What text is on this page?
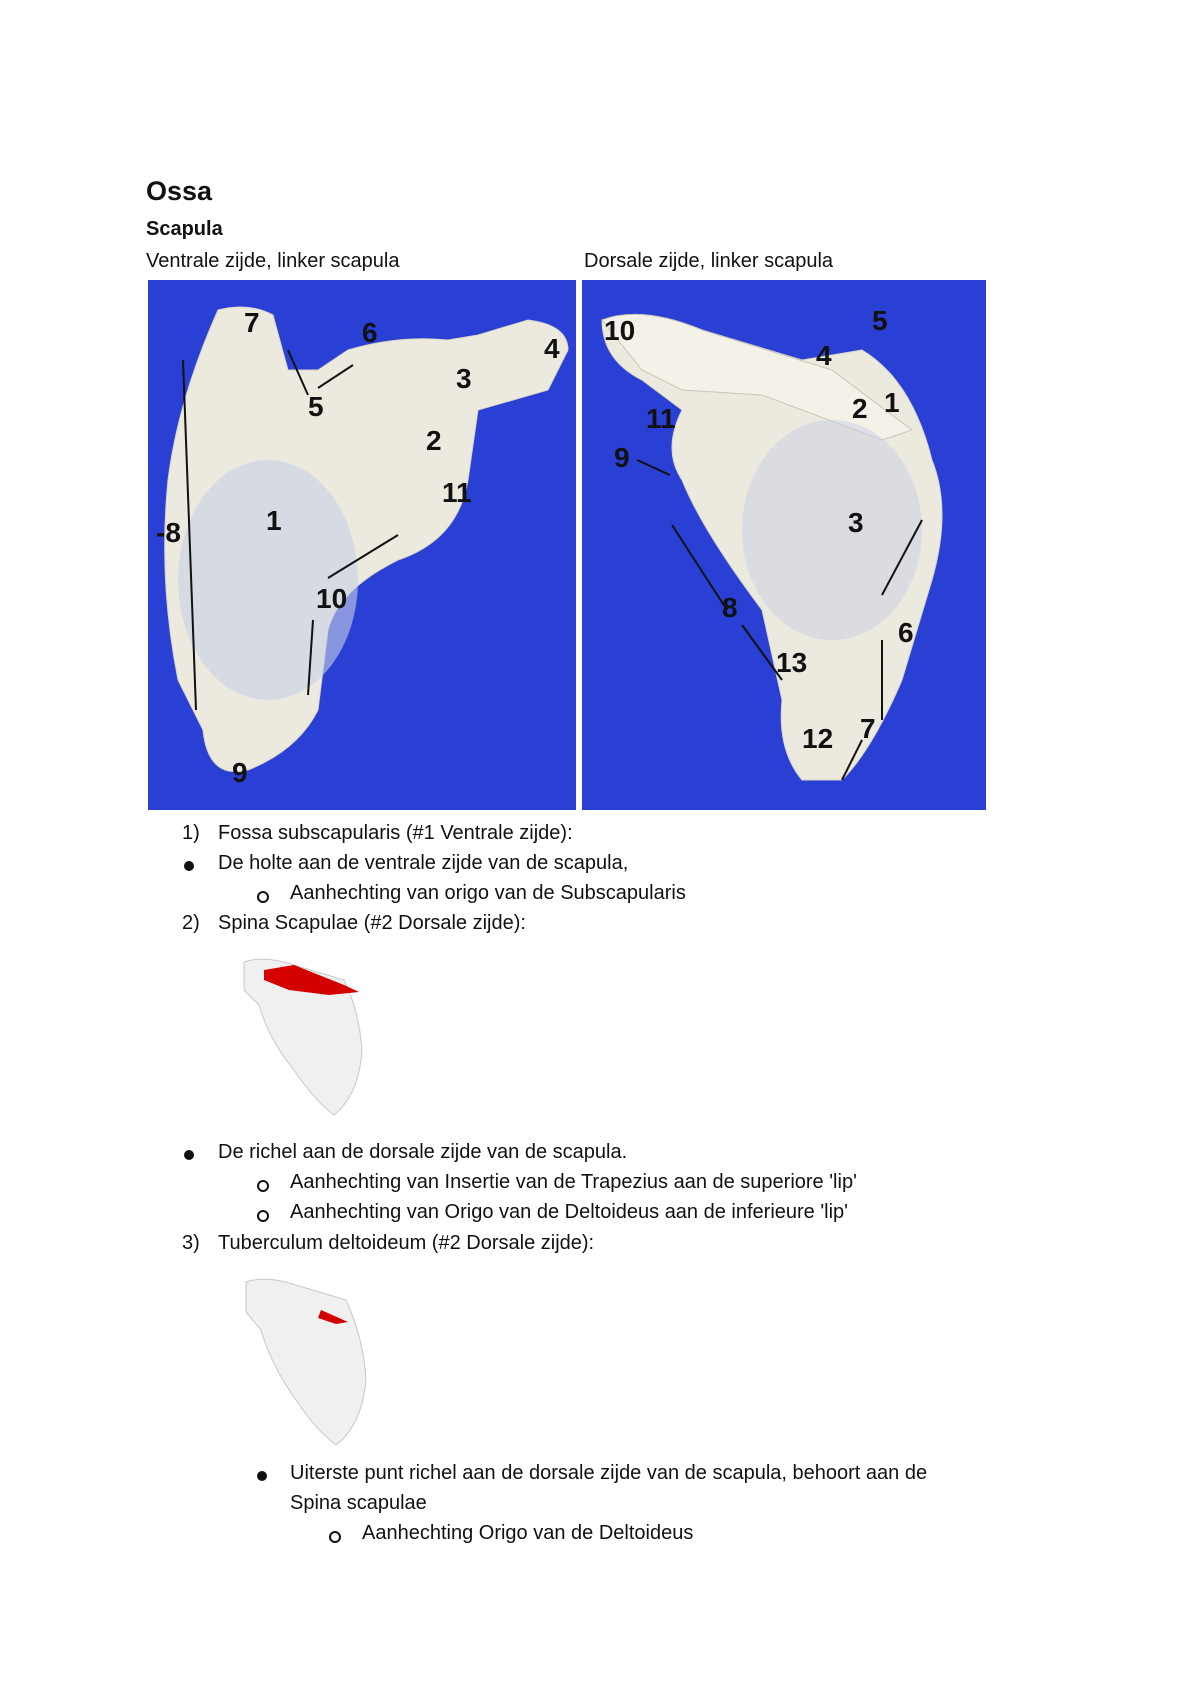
Ossa
Scapula
Ventrale zijde, linker scapula	Dorsale zijde, linker scapula
7	6
5
3
4
2
11
1
-8
10
9
10	5
4
1
2
11
9
3
8
6
13
7
12
1) Fossa subscapularis (#1 Ventrale zijde):
De holte aan de ventrale zijde van de scapula,
Aanhechting van origo van de Subscapularis
2) Spina Scapulae (#2 Dorsale zijde):
De richel aan de dorsale zijde van de scapula.
Aanhechting van Insertie van de Trapezius aan de superiore 'lip'
Aanhechting van Origo van de Deltoideus aan de inferieure 'lip'
3) Tuberculum deltoideum (#2 Dorsale zijde):
Uiterste punt richel aan de dorsale zijde van de scapula, behoort aan de
Spina scapulae
Aanhechting Origo van de Deltoideus
